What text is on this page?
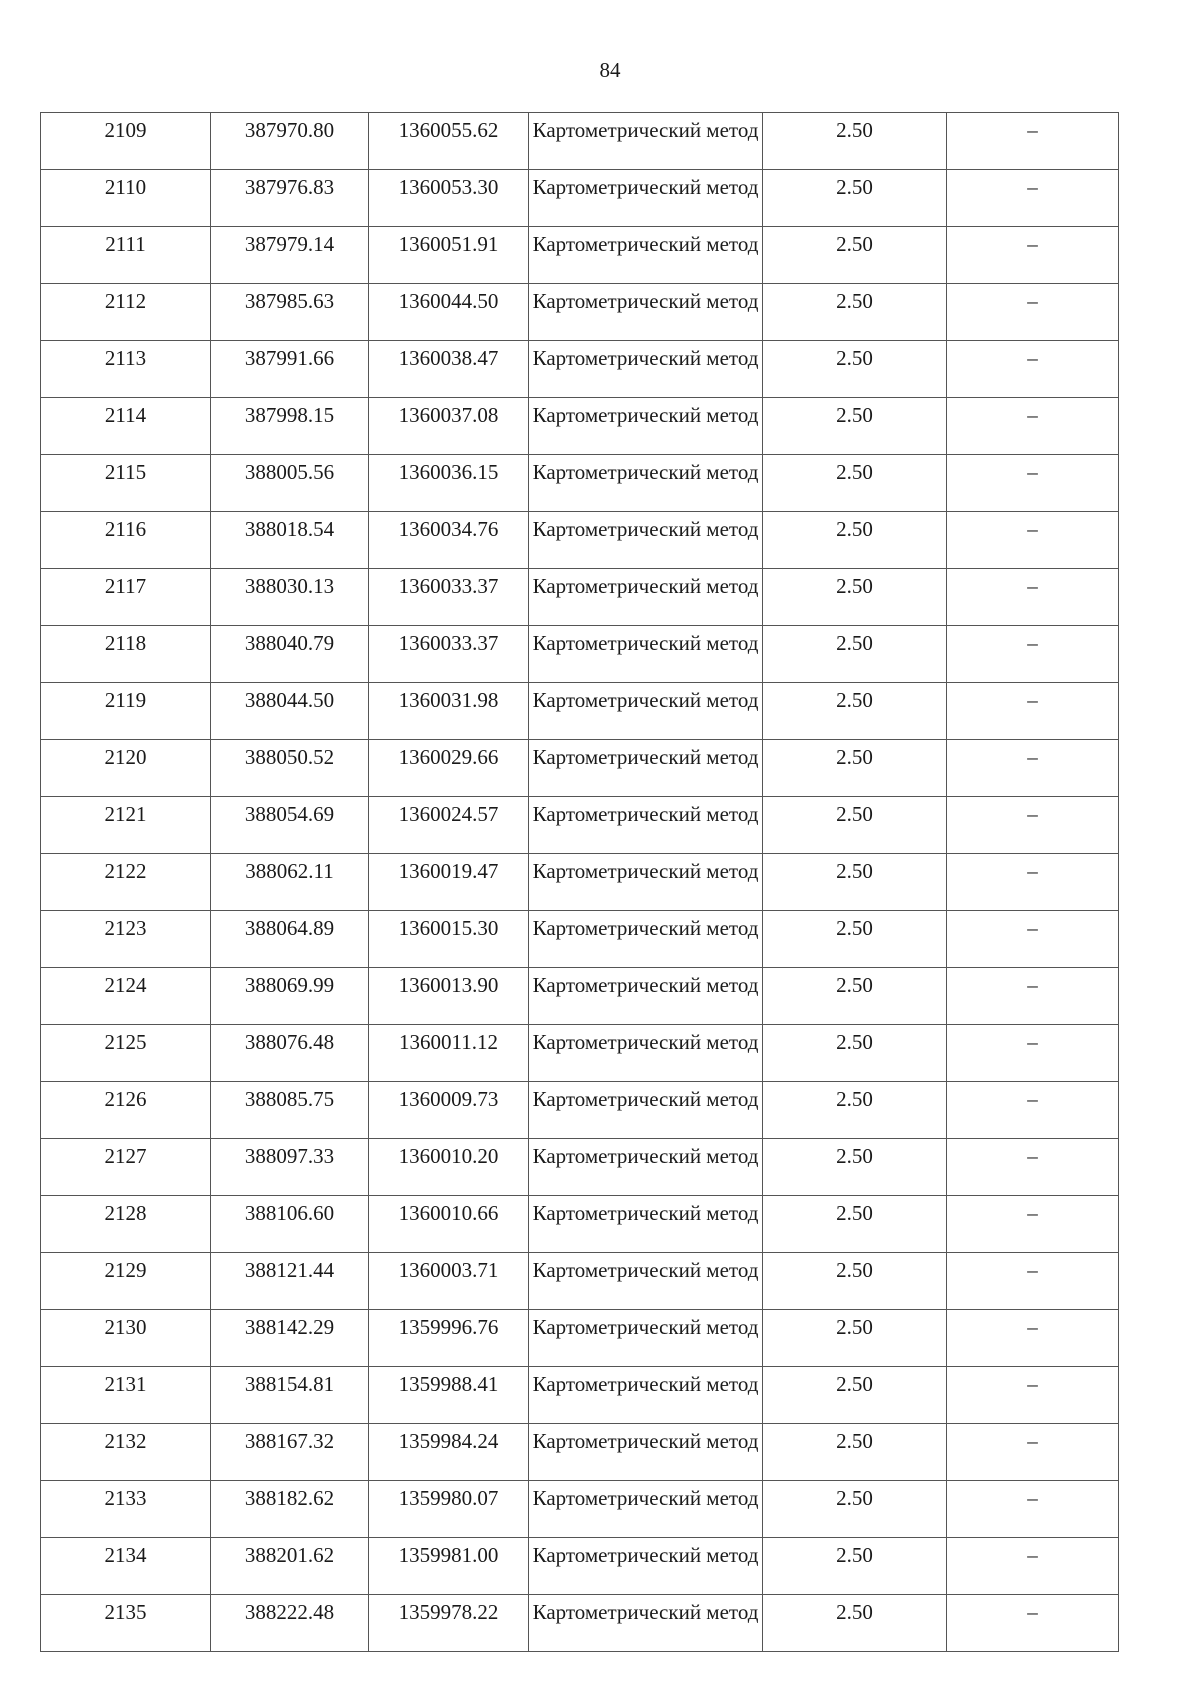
84
2109	387970.80	1360055.62	Картометрический метод	2.50	–

2110	387976.83	1360053.30	Картометрический метод	2.50	–

2111	387979.14	1360051.91	Картометрический метод	2.50	–

2112	387985.63	1360044.50	Картометрический метод	2.50	–

2113	387991.66	1360038.47	Картометрический метод	2.50	–

2114	387998.15	1360037.08	Картометрический метод	2.50	–

2115	388005.56	1360036.15	Картометрический метод	2.50	–

2116	388018.54	1360034.76	Картометрический метод	2.50	–

2117	388030.13	1360033.37	Картометрический метод	2.50	–

2118	388040.79	1360033.37	Картометрический метод	2.50	–

2119	388044.50	1360031.98	Картометрический метод	2.50	–

2120	388050.52	1360029.66	Картометрический метод	2.50	–

2121	388054.69	1360024.57	Картометрический метод	2.50	–

2122	388062.11	1360019.47	Картометрический метод	2.50	–

2123	388064.89	1360015.30	Картометрический метод	2.50	–

2124	388069.99	1360013.90	Картометрический метод	2.50	–

2125	388076.48	1360011.12	Картометрический метод	2.50	–

2126	388085.75	1360009.73	Картометрический метод	2.50	–

2127	388097.33	1360010.20	Картометрический метод	2.50	–

2128	388106.60	1360010.66	Картометрический метод	2.50	–

2129	388121.44	1360003.71	Картометрический метод	2.50	–

2130	388142.29	1359996.76	Картометрический метод	2.50	–

2131	388154.81	1359988.41	Картометрический метод	2.50	–

2132	388167.32	1359984.24	Картометрический метод	2.50	–

2133	388182.62	1359980.07	Картометрический метод	2.50	–

2134	388201.62	1359981.00	Картометрический метод	2.50	–

2135	388222.48	1359978.22	Картометрический метод	2.50	–
